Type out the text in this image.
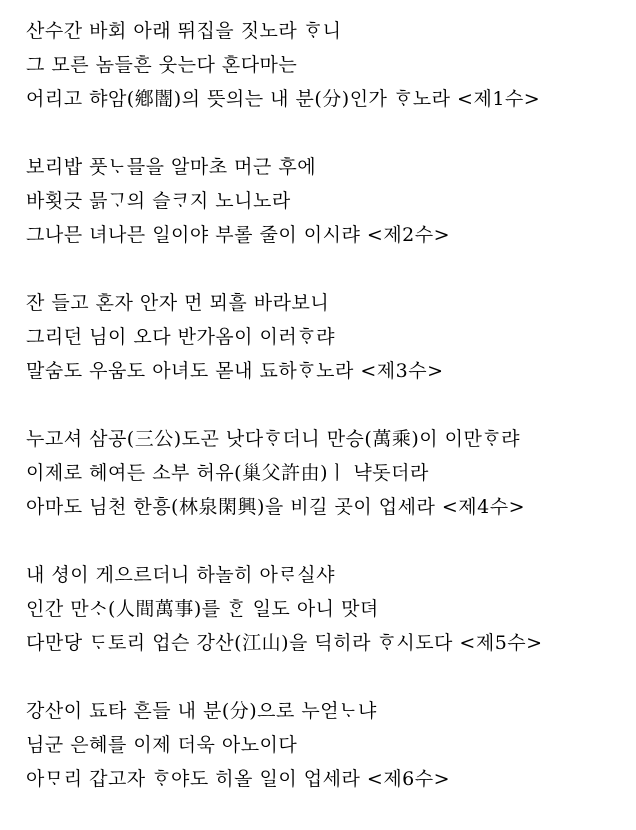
산수간 바회 아래 뛰집을 짓노라 ᄒᆞ니
그 모른 놈들흔 웃는다 혼다마는
어리고 햐암(鄕闇)의 뜻의는 내 분(分)인가 ᄒᆞ노라 <제1수>
보리밥 풋ᄂᆞ믈을 알마초 머근 후에
바횟긋 믉ᄀᆞ의 슬ᄏᆞ지 노니노라
그나믄 녀나믄 일이야 부롤 줄이 이시랴 <제2수>
잔 들고 혼자 안자 먼 뫼흘 바라보니
그리던 님이 오다 반가옴이 이러ᄒᆞ랴
말숨도 우움도 아녀도 몯내 됴하ᄒᆞ노라 <제3수>
누고셔 삼공(三公)도곤 낫다ᄒᆞ더니 만승(萬乘)이 이만ᄒᆞ랴
이제로 헤여든 소부 허유(巢父許由)ㅣ 냑돗더라
아마도 님천 한흥(林泉閑興)을 비길 곳이 업세라 <제4수>
내 셩이 게으르더니 하놀히 아ᄅᆞ실샤
인간 만ᄉᆞ(人間萬事)를 ᄒᆞᆫ 일도 아니 맛뎌
다만당 ᄃᆞ토리 업슨 강산(江山)을 딕히라 ᄒᆞ시도다 <제5수>
강산이 됴타 흔들 내 분(分)으로 누얻ᄂᆞ냐
님군 은혜를 이제 더욱 아노이다
아ᄆᆞ리 갑고자 ᄒᆞ야도 히올 일이 업세라 <제6수>
